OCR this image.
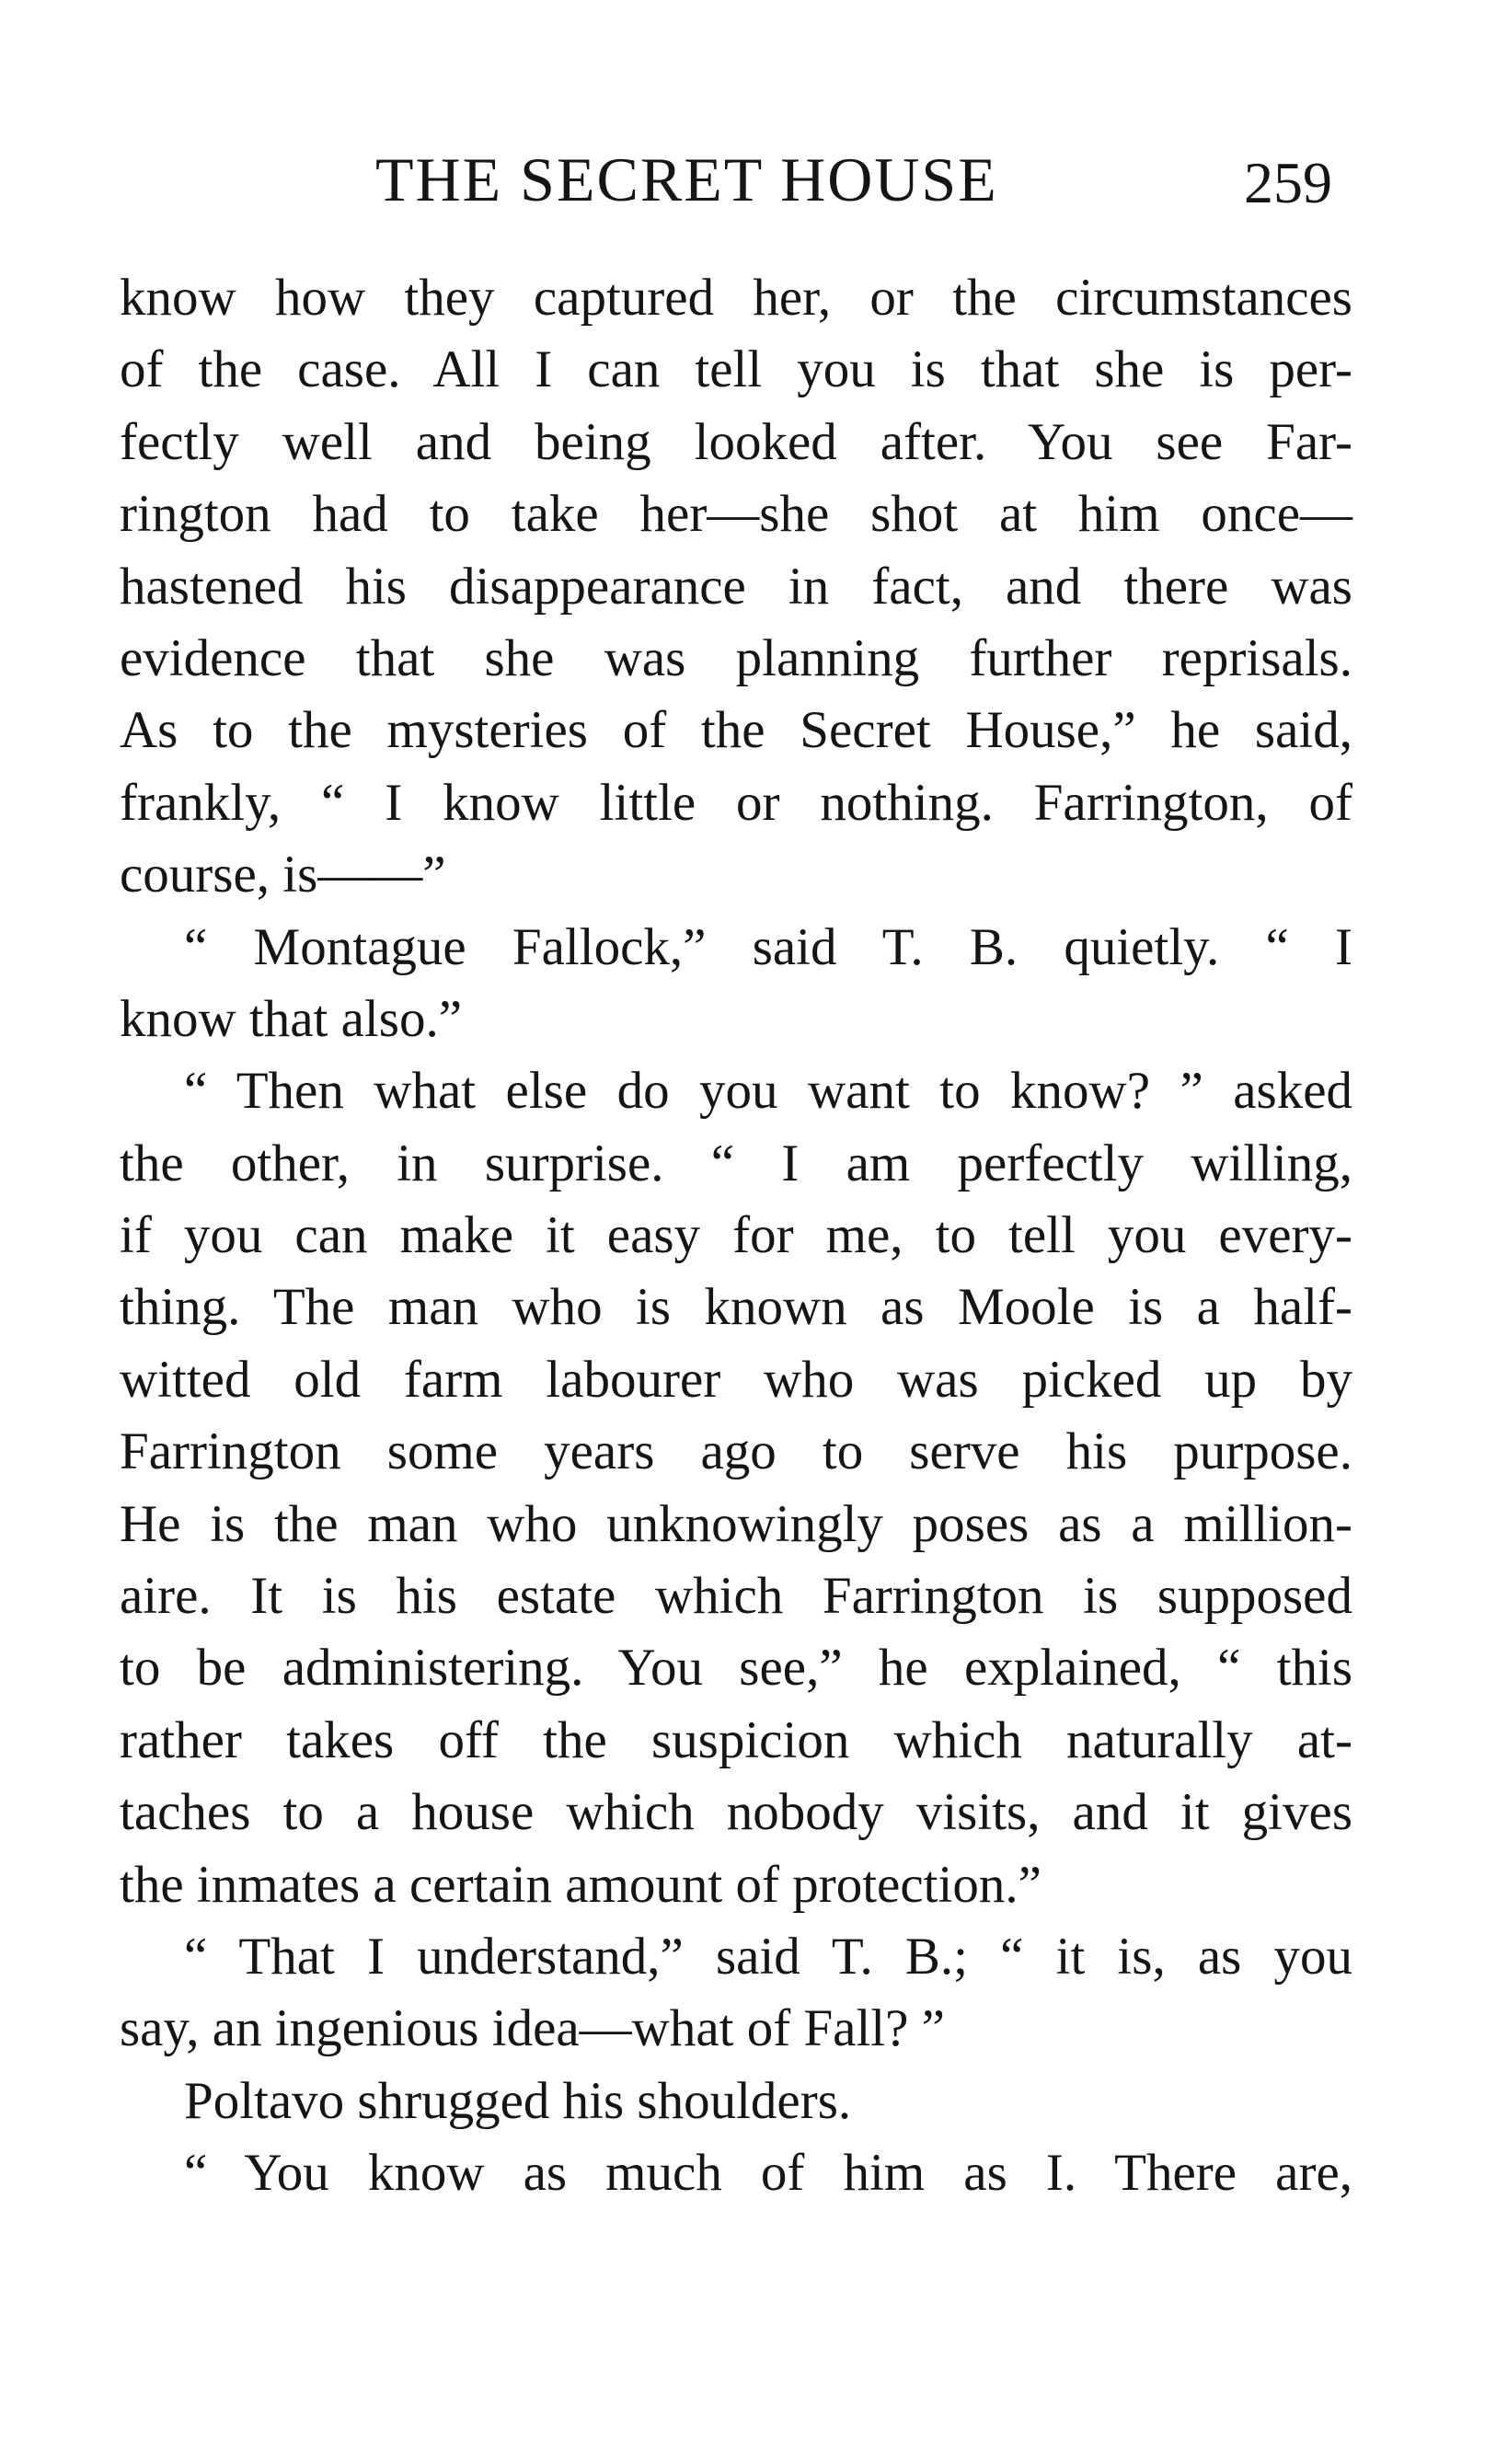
THE SECRET HOUSE	259
know how they captured her, or the circumstances
of the case. All I can tell you is that she is per-
fectly well and being looked after. You see Far-
rington had to take her—she shot at him once—
hastened his disappearance in fact, and there was
evidence that she was planning further reprisals.
As to the mysteries of the Secret House,” he said,
frankly, “ I know little or nothing. Farrington, of
course, is——”
“ Montague Fallock,” said T. B. quietly. “ I
know that also.”
“ Then what else do you want to know? ” asked
the other, in surprise. “ I am perfectly willing,
if you can make it easy for me, to tell you every-
thing. The man who is known as Moole is a half-
witted old farm labourer who was picked up by
Farrington some years ago to serve his purpose.
He is the man who unknowingly poses as a million-
aire. It is his estate which Farrington is supposed
to be administering. You see,” he explained, “ this
rather takes off the suspicion which naturally at-
taches to a house which nobody visits, and it gives
the inmates a certain amount of protection.”
“ That I understand,” said T. B.; “ it is, as you
say, an ingenious idea—what of Fall? ”
Poltavo shrugged his shoulders.
“ You know as much of him as I. There are,
